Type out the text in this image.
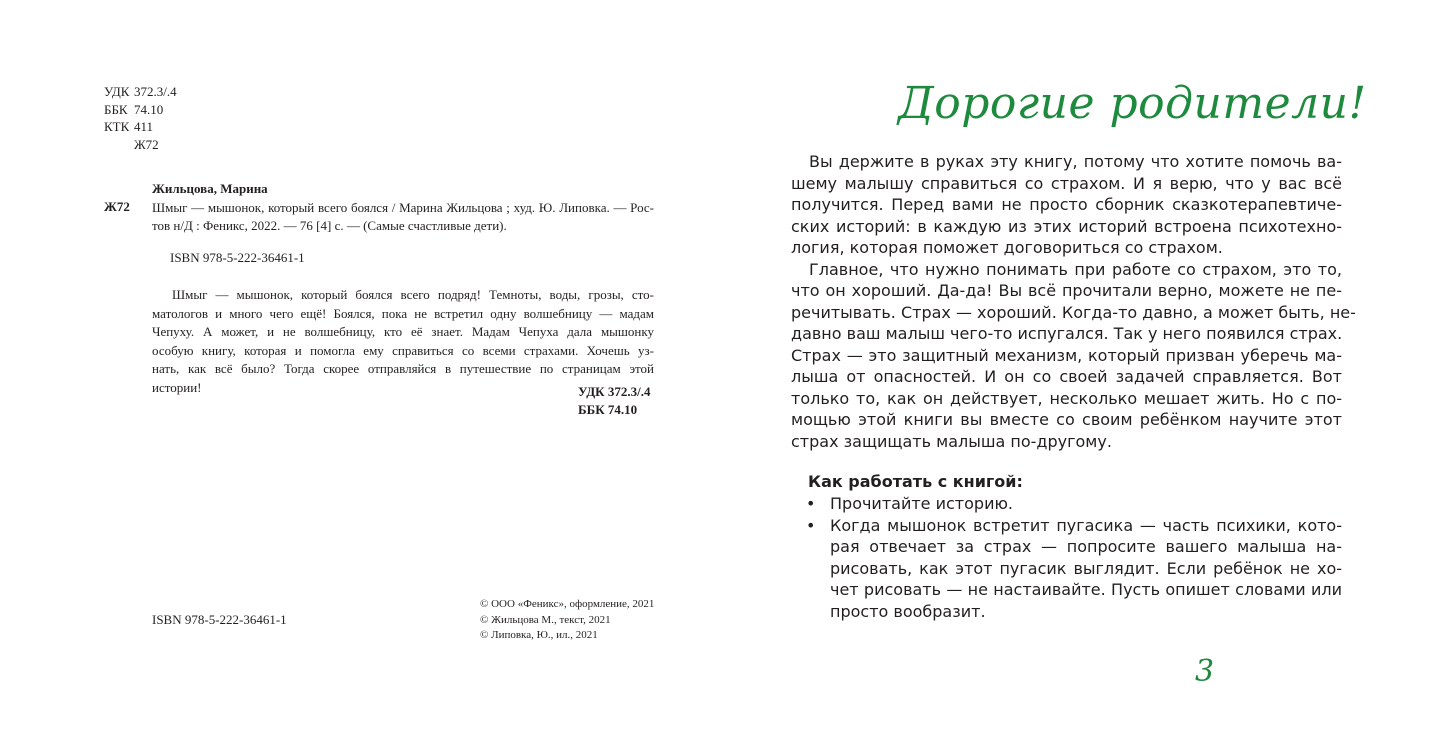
УДК 372.3/.4
ББК 74.10
КТК 411
Ж72
Жильцова, Марина
Ж72 Шмыг — мышонок, который всего боялся / Марина Жильцова ; худ. Ю. Липовка. — Рос-
тов н/Д : Феникс, 2022. — 76 [4] с. — (Самые счастливые дети).
ISBN 978-5-222-36461-1
Шмыг — мышонок, который боялся всего подряд! Темноты, воды, грозы, сто-
матологов и много чего ещё! Боялся, пока не встретил одну волшебницу — мадам
Чепуху. А может, и не волшебницу, кто её знает. Мадам Чепуха дала мышонку
особую книгу, которая и помогла ему справиться со всеми страхами. Хочешь уз-
нать, как всё было? Тогда скорее отправляйся в путешествие по страницам этой
истории!	УДК 372.3/.4
ББК 74.10
ISBN 978-5-222-36461-1
© ООО «Феникс», оформление, 2021
© Жильцова М., текст, 2021
© Липовка, Ю., ил., 2021
Дорогие родители!
Вы держите в руках эту книгу, потому что хотите помочь ва-
шему малышу справиться со страхом. И я верю, что у вас всё
получится. Перед вами не просто сборник сказкотерапевтиче-
ских историй: в каждую из этих историй встроена психотехно-
логия, которая поможет договориться со страхом.
Главное, что нужно понимать при работе со страхом, это то,
что он хороший. Да-да! Вы всё прочитали верно, можете не пе-
речитывать. Страх — хороший. Когда-то давно, а может быть, не-
давно ваш малыш чего-то испугался. Так у него появился страх.
Страх — это защитный механизм, который призван уберечь ма-
лыша от опасностей. И он со своей задачей справляется. Вот
только то, как он действует, несколько мешает жить. Но с по-
мощью этой книги вы вместе со своим ребёнком научите этот
страх защищать малыша по-другому.
Как работать с книгой:
• Прочитайте историю.
• Когда мышонок встретит пугасика — часть психики, кото-
рая отвечает за страх — попросите вашего малыша на-
рисовать, как этот пугасик выглядит. Если ребёнок не хо-
чет рисовать — не настаивайте. Пусть опишет словами или
просто вообразит.
3
